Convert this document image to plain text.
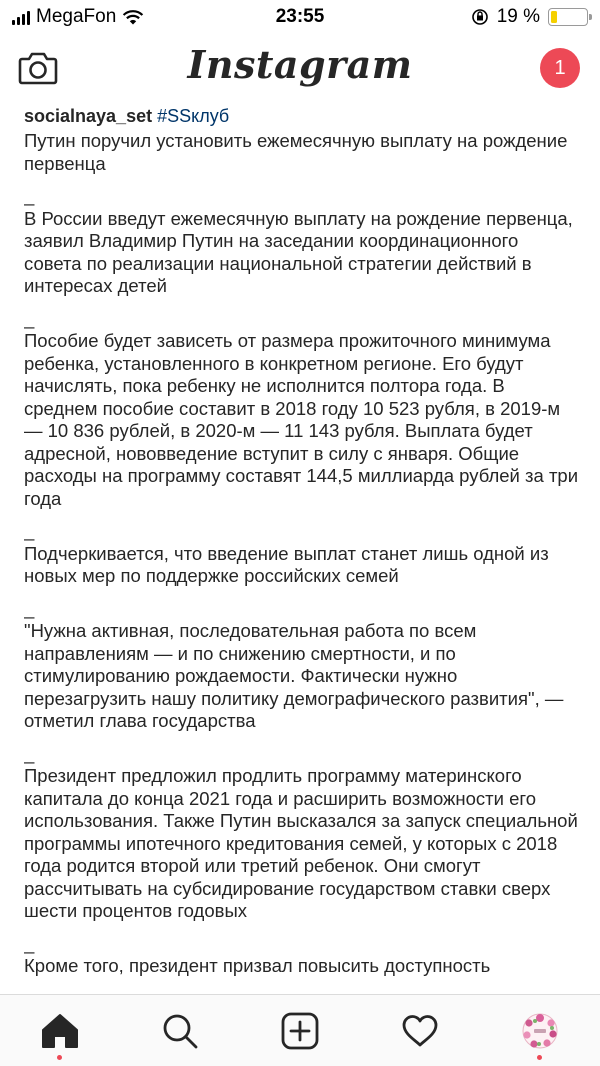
MegaFon	23:55	19 %
Instagram	1
socialnaya_set #SSклуб
Путин поручил установить ежемесячную выплату на рождение первенца
_
В России введут ежемесячную выплату на рождение первенца, заявил Владимир Путин на заседании координационного совета по реализации национальной стратегии действий в интересах детей
_
Пособие будет зависеть от размера прожиточного минимума ребенка, установленного в конкретном регионе. Его будут начислять, пока ребенку не исполнится полтора года. В среднем пособие составит в 2018 году 10 523 рубля, в 2019-м — 10 836 рублей, в 2020-м — 11 143 рубля. Выплата будет адресной, нововведение вступит в силу с января. Общие расходы на программу составят 144,5 миллиарда рублей за три года
_
Подчеркивается, что введение выплат станет лишь одной из новых мер по поддержке российских семей
_
"Нужна активная, последовательная работа по всем направлениям — и по снижению смертности, и по стимулированию рождаемости. Фактически нужно перезагрузить нашу политику демографического развития", — отметил глава государства
_
Президент предложил продлить программу материнского капитала до конца 2021 года и расширить возможности его использования. Также Путин высказался за запуск специальной программы ипотечного кредитования семей, у которых с 2018 года родится второй или третий ребенок. Они смогут рассчитывать на субсидирование государством ставки сверх шести процентов годовых
_
Кроме того, президент призвал повысить доступность
